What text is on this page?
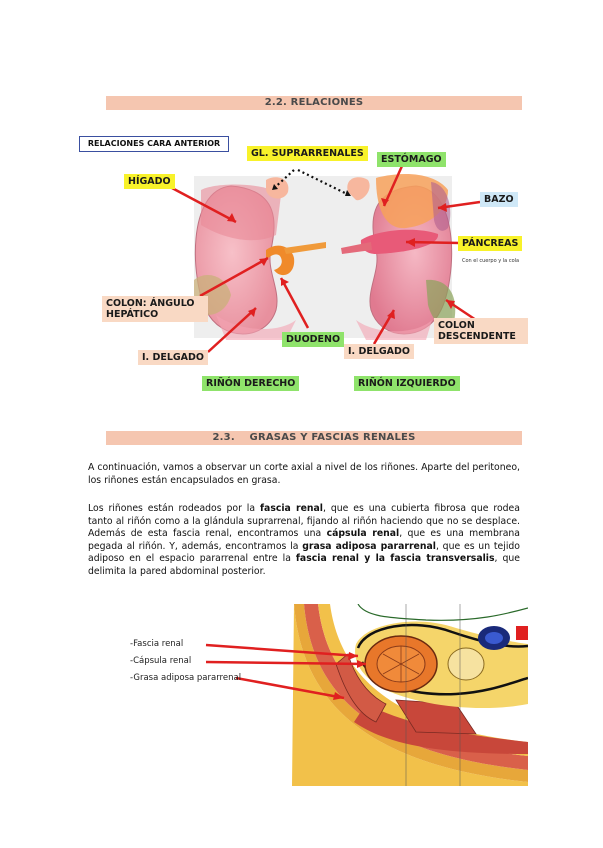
2.2. RELACIONES
RELACIONES CARA ANTERIOR
GL. SUPRARRENALES
HÍGADO
ESTÓMAGO
BAZO
PÁNCREAS
Con el cuerpo y la cola
COLON: ÁNGULO HEPÁTICO
DUODENO
I. DELGADO
I. DELGADO
COLON DESCENDENTE
RIÑÓN DERECHO	RIÑÓN IZQUIERDO
2.3.    GRASAS Y FASCIAS RENALES
A continuación, vamos a observar un corte axial a nivel de los riñones. Aparte del peritoneo, los riñones están encapsulados en grasa.
Los riñones están rodeados por la fascia renal, que es una cubierta fibrosa que rodea tanto al riñón como a la glándula suprarrenal, fijando al riñón haciendo que no se desplace. Además de esta fascia renal, encontramos una cápsula renal, que es una membrana pegada al riñón. Y, además, encontramos la grasa adiposa pararrenal, que es un tejido adiposo en el espacio pararrenal entre la fascia renal y la fascia transversalis, que delimita la pared abdominal posterior.
-Fascia renal
-Cápsula renal
-Grasa adiposa pararrenal
